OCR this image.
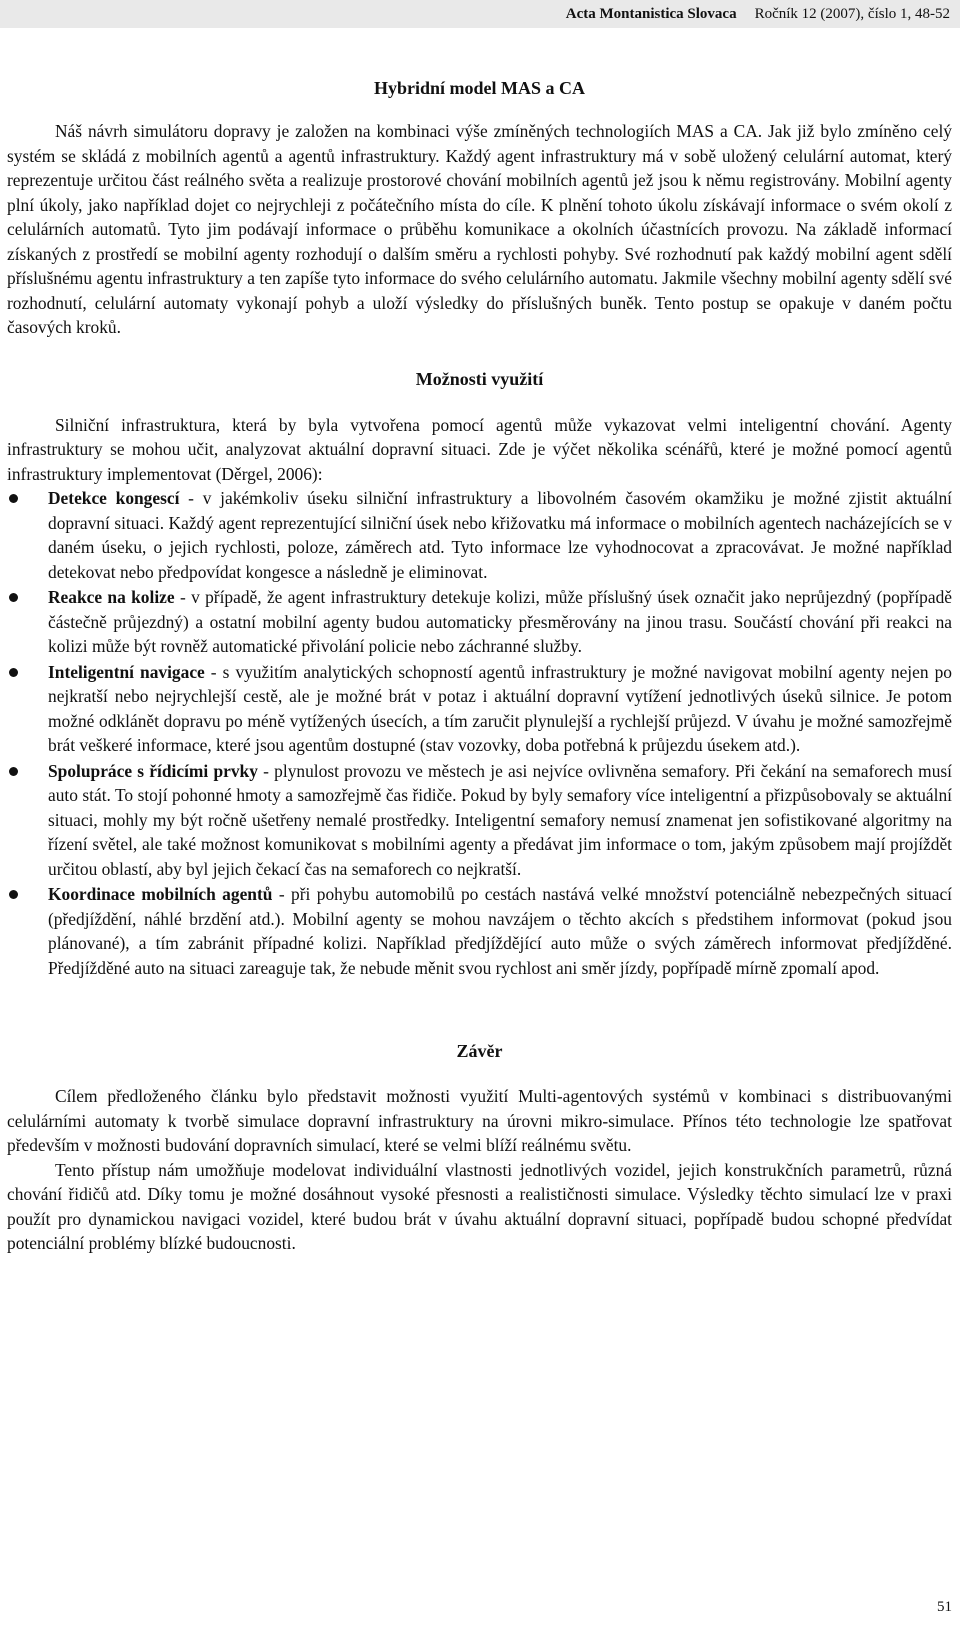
Acta Montanistica Slovaca Ročník 12 (2007), číslo 1, 48-52
Hybridní model MAS a CA

Náš návrh simulátoru dopravy je založen na kombinaci výše zmíněných technologiích MAS a CA. Jak již bylo zmíněno celý systém se skládá z mobilních agentů a agentů infrastruktury. Každý agent infrastruktury má v sobě uložený celulární automat, který reprezentuje určitou část reálného světa a realizuje prostorové chování mobilních agentů jež jsou k němu registrovány. Mobilní agenty plní úkoly, jako například dojet co nejrychleji z počátečního místa do cíle. K plnění tohoto úkolu získávají informace o svém okolí z celulárních automatů. Tyto jim podávají informace o průběhu komunikace a okolních účastnících provozu. Na základě informací získaných z prostředí se mobilní agenty rozhodují o dalším směru a rychlosti pohyby. Své rozhodnutí pak každý mobilní agent sdělí příslušnému agentu infrastruktury a ten zapíše tyto informace do svého celulárního automatu. Jakmile všechny mobilní agenty sdělí své rozhodnutí, celulární automaty vykonají pohyb a uloží výsledky do příslušných buněk. Tento postup se opakuje v daném počtu časových kroků.

Možnosti využití

Silniční infrastruktura, která by byla vytvořena pomocí agentů může vykazovat velmi inteligentní chování. Agenty infrastruktury se mohou učit, analyzovat aktuální dopravní situaci. Zde je výčet několika scénářů, které je možné pomocí agentů infrastruktury implementovat (Děrgel, 2006):

Detekce kongescí - v jakémkoliv úseku silniční infrastruktury a libovolném časovém okamžiku je možné zjistit aktuální dopravní situaci. Každý agent reprezentující silniční úsek nebo křižovatku má informace o mobilních agentech nacházejících se v daném úseku, o jejich rychlosti, poloze, záměrech atd. Tyto informace lze vyhodnocovat a zpracovávat. Je možné například detekovat nebo předpovídat kongesce a následně je eliminovat.
Reakce na kolize - v případě, že agent infrastruktury detekuje kolizi, může příslušný úsek označit jako neprůjezdný (popřípadě částečně průjezdný) a ostatní mobilní agenty budou automaticky přesměrovány na jinou trasu. Součástí chování při reakci na kolizi může být rovněž automatické přivolání policie nebo záchranné služby.
Inteligentní navigace - s využitím analytických schopností agentů infrastruktury je možné navigovat mobilní agenty nejen po nejkratší nebo nejrychlejší cestě, ale je možné brát v potaz i aktuální dopravní vytížení jednotlivých úseků silnice. Je potom možné odklánět dopravu po méně vytížených úsecích, a tím zaručit plynulejší a rychlejší průjezd. V úvahu je možné samozřejmě brát veškeré informace, které jsou agentům dostupné (stav vozovky, doba potřebná k průjezdu úsekem atd.).
Spolupráce s řídicími prvky - plynulost provozu ve městech je asi nejvíce ovlivněna semafory. Při čekání na semaforech musí auto stát. To stojí pohonné hmoty a samozřejmě čas řidiče. Pokud by byly semafory více inteligentní a přizpůsobovaly se aktuální situaci, mohly my být ročně ušetřeny nemalé prostředky. Inteligentní semafory nemusí znamenat jen sofistikované algoritmy na řízení světel, ale také možnost komunikovat s mobilními agenty a předávat jim informace o tom, jakým způsobem mají projíždět určitou oblastí, aby byl jejich čekací čas na semaforech co nejkratší.
Koordinace mobilních agentů - při pohybu automobilů po cestách nastává velké množství potenciálně nebezpečných situací (předjíždění, náhlé brzdění atd.). Mobilní agenty se mohou navzájem o těchto akcích s předstihem informovat (pokud jsou plánované), a tím zabránit případné kolizi. Například předjíždějící auto může o svých záměrech informovat předjížděné. Předjížděné auto na situaci zareaguje tak, že nebude měnit svou rychlost ani směr jízdy, popřípadě mírně zpomalí apod.
Závěr

Cílem předloženého článku bylo představit možnosti využití Multi-agentových systémů v kombinaci s distribuovanými celulárními automaty k tvorbě simulace dopravní infrastruktury na úrovni mikro-simulace. Přínos této technologie lze spatřovat především v možnosti budování dopravních simulací, které se velmi blíží reálnému světu.

Tento přístup nám umožňuje modelovat individuální vlastnosti jednotlivých vozidel, jejich konstrukčních parametrů, různá chování řidičů atd. Díky tomu je možné dosáhnout vysoké přesnosti a realističnosti simulace. Výsledky těchto simulací lze v praxi použít pro dynamickou navigaci vozidel, které budou brát v úvahu aktuální dopravní situaci, popřípadě budou schopné předvídat potenciální problémy blízké budoucnosti.

51
